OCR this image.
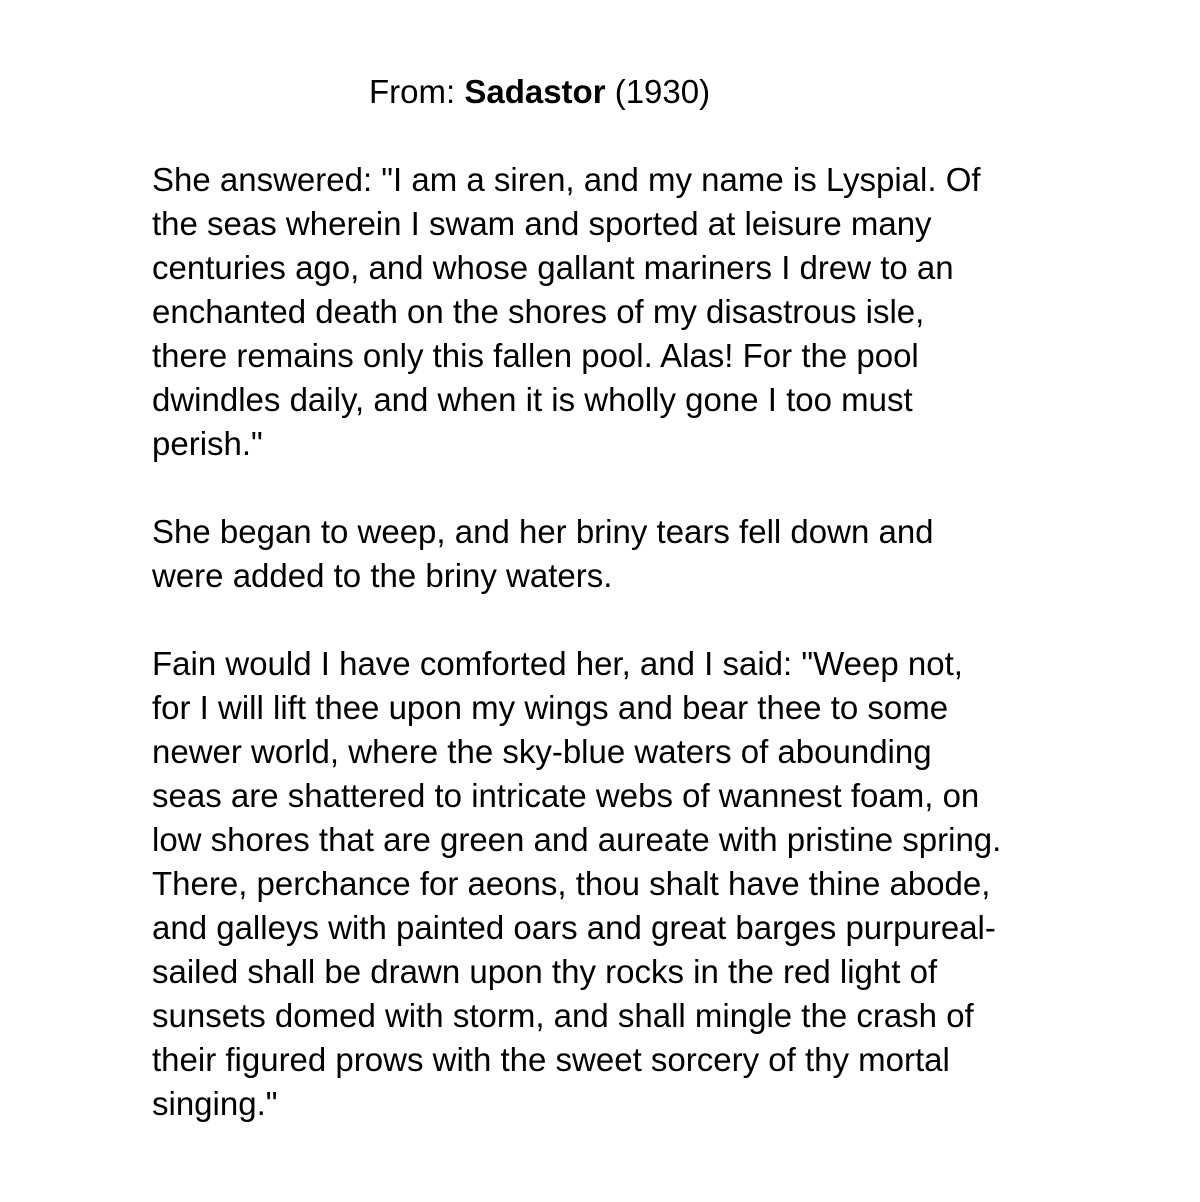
From: Sadastor (1930)

She answered: "I am a siren, and my name is Lyspial. Of
the seas wherein I swam and sported at leisure many
centuries ago, and whose gallant mariners I drew to an
enchanted death on the shores of my disastrous isle,
there remains only this fallen pool. Alas! For the pool
dwindles daily, and when it is wholly gone I too must
perish."

She began to weep, and her briny tears fell down and
were added to the briny waters.

Fain would I have comforted her, and I said: "Weep not,
for I will lift thee upon my wings and bear thee to some
newer world, where the sky-blue waters of abounding
seas are shattered to intricate webs of wannest foam, on
low shores that are green and aureate with pristine spring.
There, perchance for aeons, thou shalt have thine abode,
and galleys with painted oars and great barges purpureal-
sailed shall be drawn upon thy rocks in the red light of
sunsets domed with storm, and shall mingle the crash of
their figured prows with the sweet sorcery of thy mortal
singing."
